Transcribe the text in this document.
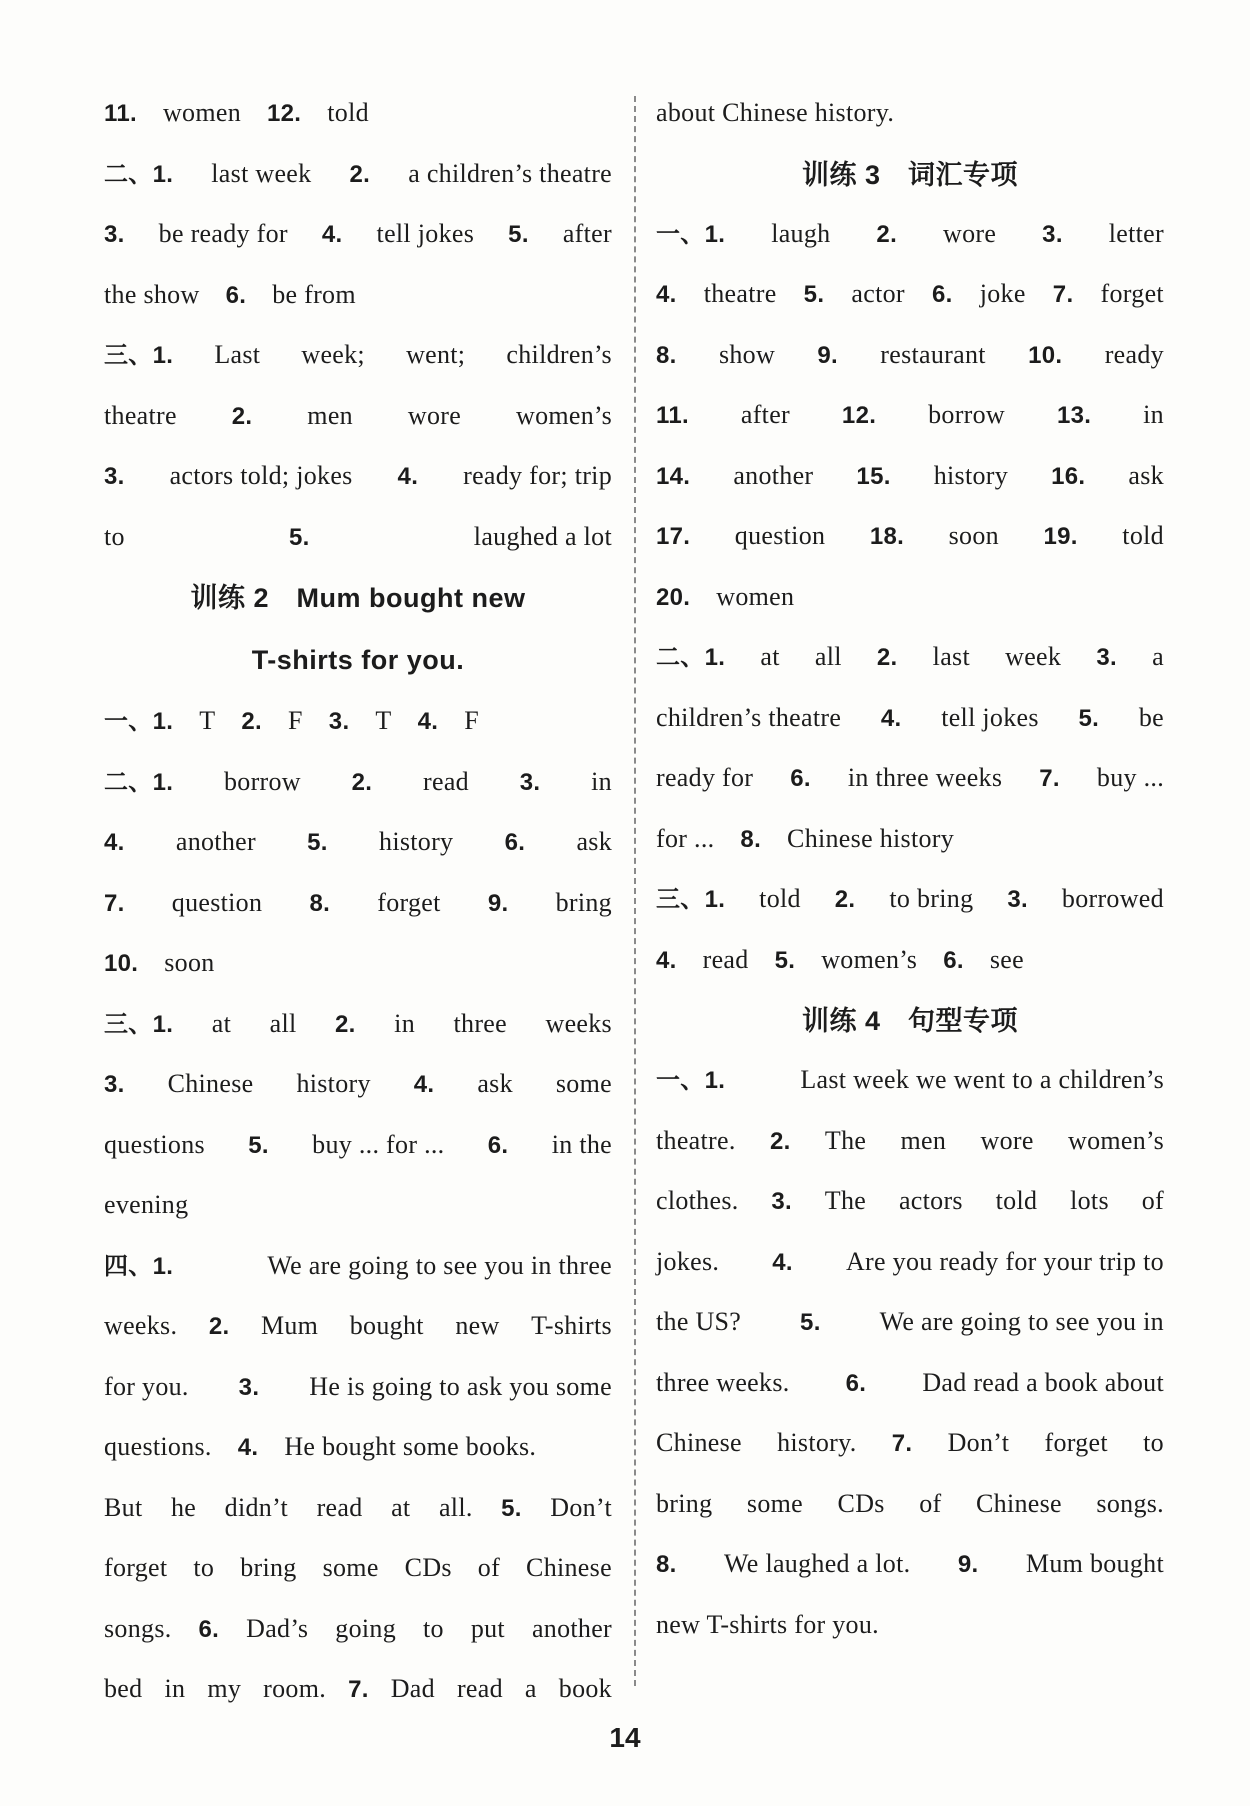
11. women 12. told
二、1. last week 2. a children’s theatre
3. be ready for 4. tell jokes 5. after
the show 6. be from
三、1. Last week; went; children’s
theatre 2. men wore women’s
3. actors told; jokes 4. ready for; trip
to	5.	laughed a lot
训练 2　Mum bought new
T-shirts for you.
一、1. T 2. F 3. T 4. F
二、1. borrow 2. read 3. in
4. another 5. history 6. ask
7. question 8. forget 9. bring
10. soon
三、1. at all 2. in three weeks
3. Chinese history 4. ask some
questions 5. buy ... for ... 6. in the
evening
四、1.	We are going to see you in three
weeks. 2. Mum bought new T-shirts
for you. 3. He is going to ask you some
questions. 4. He bought some books.
But he didn’t read at all. 5. Don’t
forget to bring some CDs of Chinese
songs. 6. Dad’s going to put another
bed in my room. 7. Dad read a book
about Chinese history.
训练 3　词汇专项
一、1. laugh 2. wore 3. letter
4. theatre 5. actor 6. joke 7. forget
8. show 9. restaurant 10. ready
11. after 12. borrow 13. in
14. another 15. history 16. ask
17. question 18. soon 19. told
20. women
二、1. at all 2. last week 3. a
children’s theatre 4. tell jokes 5. be
ready for 6. in three weeks 7. buy ...
for ... 8. Chinese history
三、1. told 2. to bring 3. borrowed
4. read 5. women’s 6. see
训练 4　句型专项
一、1.	Last week we went to a children’s
theatre. 2. The men wore women’s
clothes. 3. The actors told lots of
jokes. 4. Are you ready for your trip to
the US? 5. We are going to see you in
three weeks. 6. Dad read a book about
Chinese history. 7. Don’t forget to
bring some CDs of Chinese songs.
8. We laughed a lot. 9. Mum bought
new T-shirts for you.
14
